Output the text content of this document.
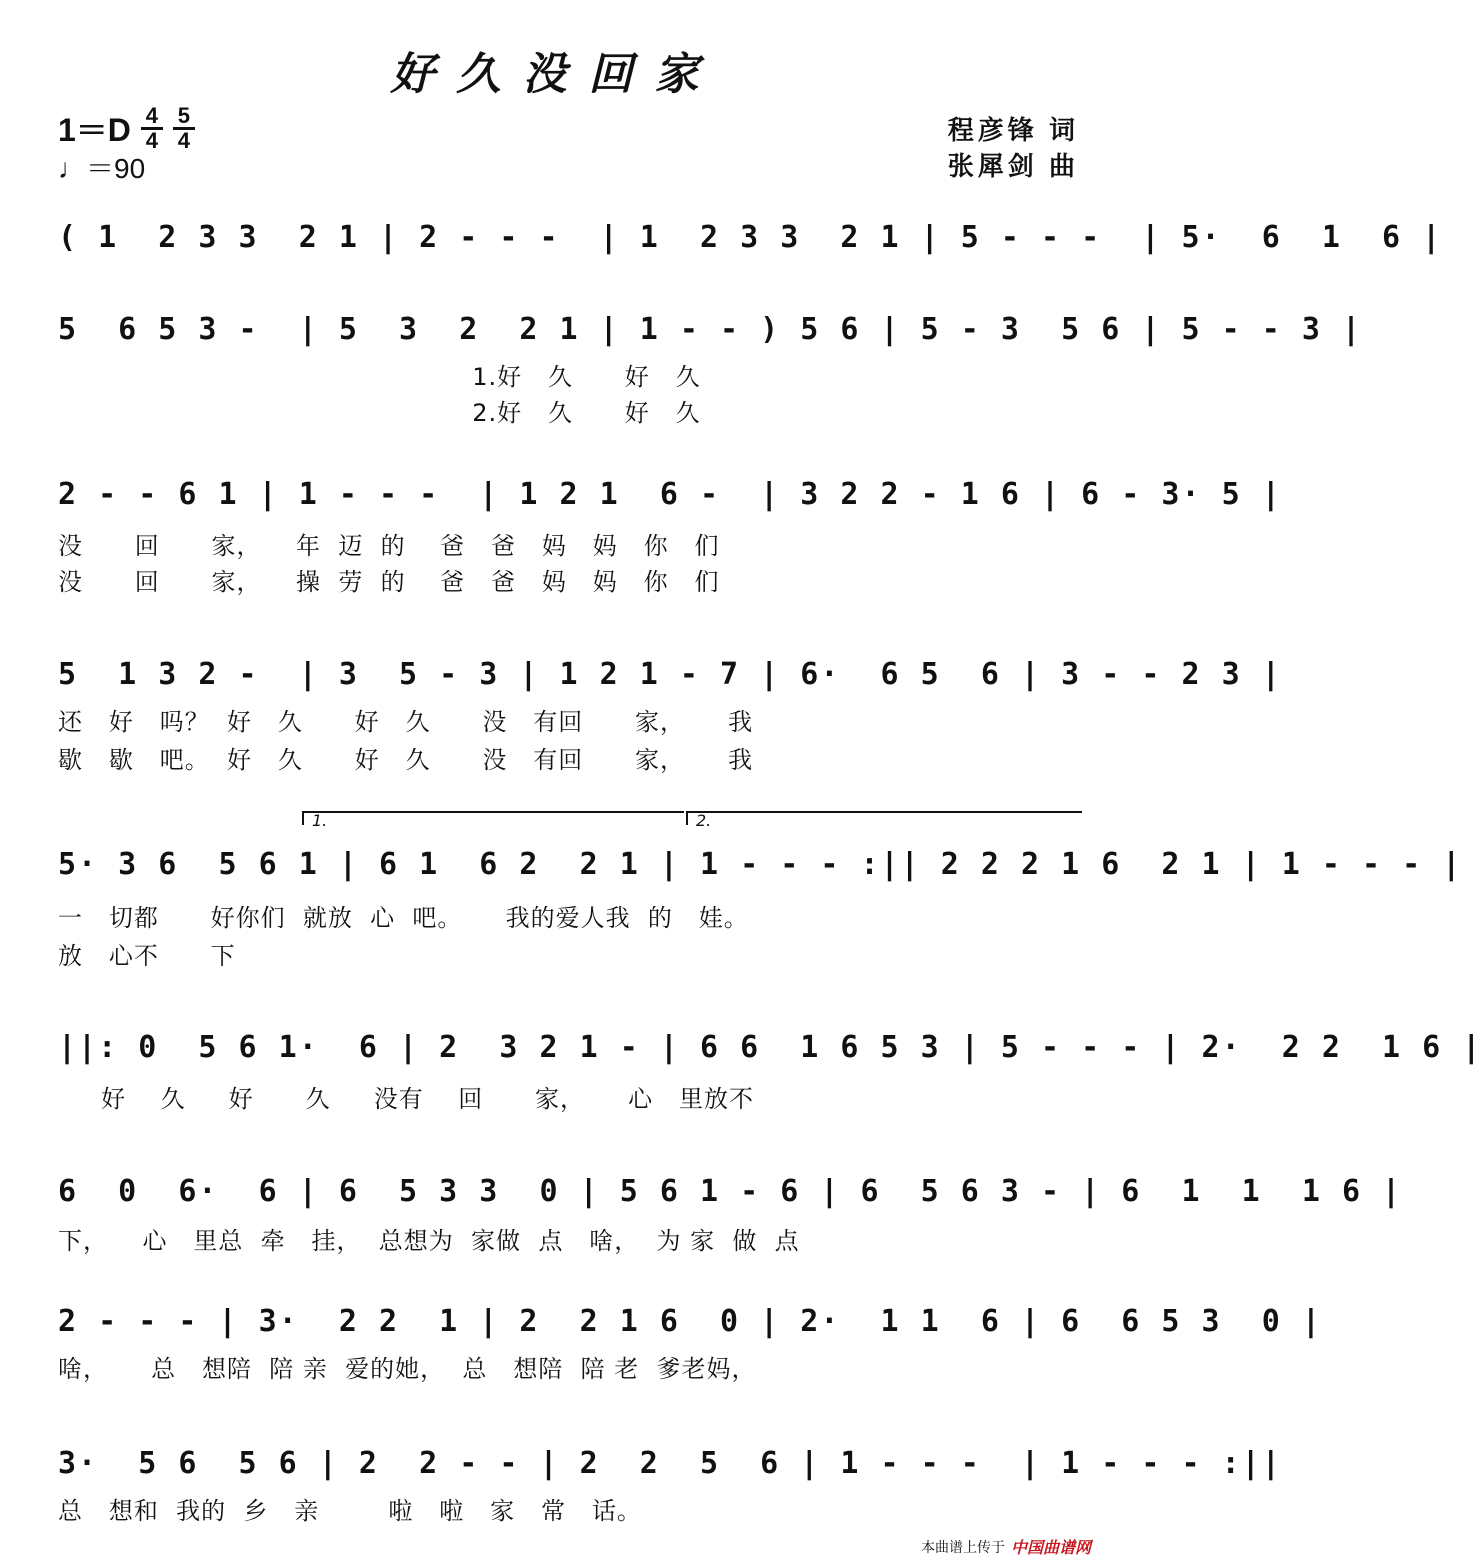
好久没回家
1＝D 4
4
5
4
♩＝90
程彦锋 词
张犀剑 曲
( 1  2 3 3  2 1 | 2 - - -  | 1  2 3 3  2 1 | 5 - - -  | 5·  6  1  6 |
5  6 5 3 -  | 5  3  2  2 1 | 1 - - ) 5 6 | 5 - 3  5 6 | 5 - - 3 |
1.好   久      好   久
2.好   久      好   久
2 - - 6 1 | 1 - - -  | 1 2 1  6 -  | 3 2 2 - 1 6 | 6 - 3· 5 |
没      回      家，    年  迈  的    爸   爸   妈   妈   你   们
没      回      家，    操  劳  的    爸   爸   妈   妈   你   们
5  1 3 2 -  | 3  5 - 3 | 1 2 1 - 7 | 6·  6 5  6 | 3 - - 2 3 |
还   好   吗？  好   久      好   久      没   有回      家，     我
歇   歇   吧。  好   久      好   久      没   有回      家，     我
1.	2.
5· 3 6  5 6 1 | 6 1  6 2  2 1 | 1 - - - :|| 2 2 2 1 6  2 1 | 1 - - - |
一   切都      好你们  就放  心  吧。     我的爱人我  的   娃。
放   心不      下
||: 0  5 6 1·  6 | 2  3 2 1 - | 6 6  1 6 5 3 | 5 - - - | 2·  2 2  1 6 |
好    久     好      久     没有    回      家，     心   里放不
6  0  6·  6 | 6  5 3 3  0 | 5 6 1 - 6 | 6  5 6 3 - | 6  1  1  1 6 |
下，    心   里总  牵   挂，  总想为  家做  点   啥，  为 家  做  点
2 - - - | 3·  2 2  1 | 2  2 1 6  0 | 2·  1 1  6 | 6  6 5 3  0 |
啥，     总   想陪  陪 亲  爱的她，  总   想陪  陪 老  爹老妈，
3·  5 6  5 6 | 2  2 - - | 2  2  5  6 | 1 - - -  | 1 - - - :||
总   想和  我的  乡   亲        啦   啦   家   常   话。
本曲谱上传于 中国曲谱网
